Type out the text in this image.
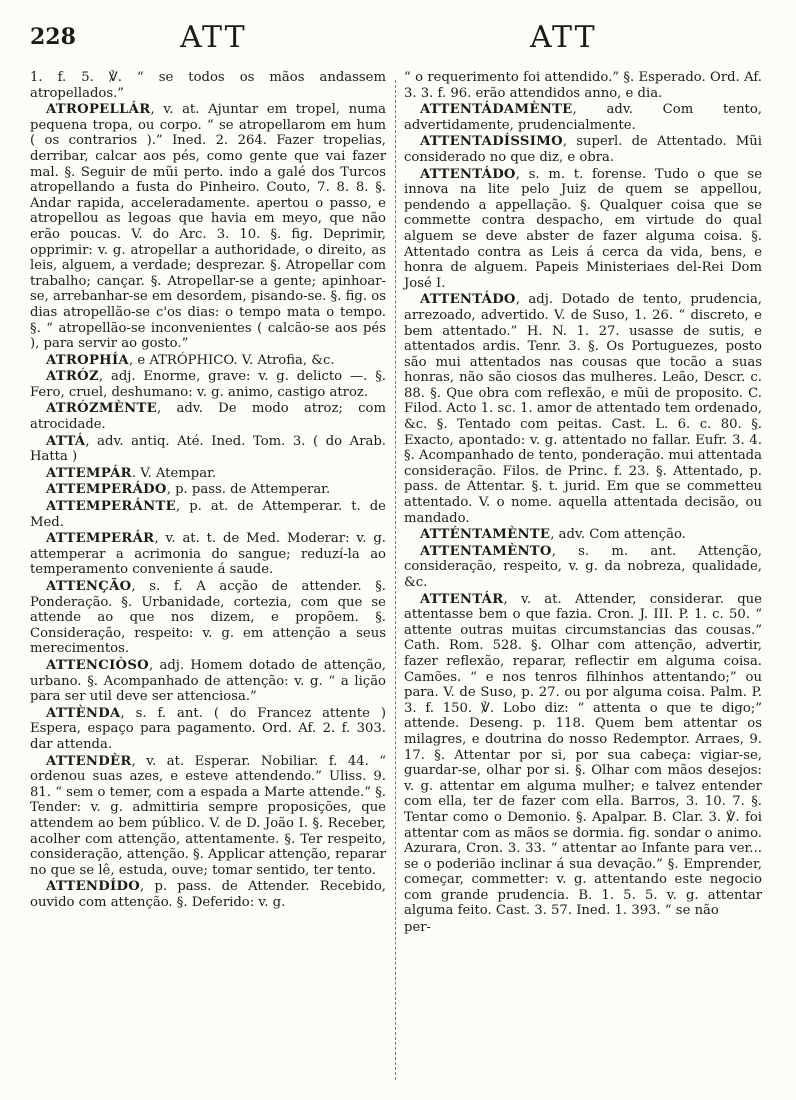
228	ATT	ATT

1. f. 5. ℣. “ se todos os mãos andassem atropellados.”

ATROPELLÁR, v. at. Ajuntar em tropel, numa pequena tropa, ou corpo. “ se atropellarom em hum ( os contrarios ).” Ined. 2. 264. Fazer tropelias, derribar, calcar aos pés, como gente que vai fazer mal. §. Seguir de mũi perto. indo a galé dos Turcos atropellando a fusta do Pinheiro. Couto, 7. 8. 8. §. Andar rapida, acceleradamente. apertou o passo, e atropellou as legoas que havia em meyo, que não erão poucas. V. do Arc. 3. 10. §. fig. Deprimir, opprimir: v. g. atropellar a authoridade, o direito, as leis, alguem, a verdade; desprezar. §. Atropellar com trabalho; cançar. §. Atropellar-se a gente; apinhoar-se, arrebanhar-se em desordem, pisando-se. §. fig. os dias atropellão-se c'os dias: o tempo mata o tempo. §. “ atropellão-se inconvenientes ( calcão-se aos pés ), para servir ao gosto.”

ATROPHÍA, e ATRÓPHICO. V. Atrofia, &c.

ATRÓZ, adj. Enorme, grave: v. g. delicto —. §. Fero, cruel, deshumano: v. g. animo, castigo atroz.

ATRÓZMÈNTE, adv. De modo atroz; com atrocidade.

ATTÁ, adv. antiq. Até. Ined. Tom. 3. ( do Arab. Hatta )

ATTEMPÁR. V. Atempar.

ATTEMPERÁDO, p. pass. de Attemperar.

ATTEMPERÁNTE, p. at. de Attemperar. t. de Med.

ATTEMPERÁR, v. at. t. de Med. Moderar: v. g. attemperar a acrimonia do sangue; reduzí-la ao temperamento conveniente á saude.

ATTENÇÃO, s. f. A acção de attender. §. Ponderação. §. Urbanidade, cortezia, com que se attende ao que nos dizem, e propõem. §. Consideração, respeito: v. g. em attenção a seus merecimentos.

ATTENCIÒSO, adj. Homem dotado de attenção, urbano. §. Acompanhado de attenção: v. g. “ a lição para ser util deve ser attenciosa.”

ATTÈNDA, s. f. ant. ( do Francez attente ) Espera, espaço para pagamento. Ord. Af. 2. f. 303. dar attenda.

ATTENDÈR, v. at. Esperar. Nobiliar. f. 44. “ ordenou suas azes, e esteve attendendo.” Uliss. 9. 81. “ sem o temer, com a espada a Marte attende.” §. Tender: v. g. admittiria sempre proposições, que attendem ao bem público. V. de D. João I. §. Receber, acolher com attenção, attentamente. §. Ter respeito, consideração, attenção. §. Applicar attenção, reparar no que se lê, estuda, ouve; tomar sentido, ter tento.

ATTENDÍDO, p. pass. de Attender. Recebido, ouvido com attenção. §. Deferido: v. g.

“ o requerimento foi attendido.” §. Esperado. Ord. Af. 3. 3. f. 96. erão attendidos anno, e dia.

ATTENTÁDAMÈNTE, adv. Com tento, advertidamente, prudencialmente.

ATTENTADÍSSIMO, superl. de Attentado. Mũi considerado no que diz, e obra.

ATTENTÁDO, s. m. t. forense. Tudo o que se innova na lite pelo Juiz de quem se appellou, pendendo a appellação. §. Qualquer coisa que se commette contra despacho, em virtude do qual alguem se deve abster de fazer alguma coisa. §. Attentado contra as Leis á cerca da vida, bens, e honra de alguem. Papeis Ministeriaes del-Rei Dom José I.

ATTENTÁDO, adj. Dotado de tento, prudencia, arrezoado, advertido. V. de Suso, 1. 26. “ discreto, e bem attentado.” H. N. 1. 27. usasse de sutis, e attentados ardis. Tenr. 3. §. Os Portuguezes, posto são mui attentados nas cousas que tocão a suas honras, não são ciosos das mulheres. Leão, Descr. c. 88. §. Que obra com reflexão, e mũi de proposito. C. Filod. Acto 1. sc. 1. amor de attentado tem ordenado, &c. §. Tentado com peitas. Cast. L. 6. c. 80. §. Exacto, apontado: v. g. attentado no fallar. Eufr. 3. 4. §. Acompanhado de tento, ponderação. mui attentada consideração. Filos. de Princ. f. 23. §. Attentado, p. pass. de Attentar. §. t. jurid. Em que se commetteu attentado. V. o nome. aquella attentada decisão, ou mandado.

ATTÉNTAMÈNTE, adv. Com attenção.

ATTENTAMÈNTO, s. m. ant. Attenção, consideração, respeito, v. g. da nobreza, qualidade, &c.

ATTENTÁR, v. at. Attender, considerar. que attentasse bem o que fazia. Cron. J. III. P. 1. c. 50. “ attente outras muitas circumstancias das cousas.” Cath. Rom. 528. §. Olhar com attenção, advertir, fazer reflexão, reparar, reflectir em alguma coisa. Camões. “ e nos tenros filhinhos attentando;” ou para. V. de Suso, p. 27. ou por alguma coisa. Palm. P. 3. f. 150. ℣. Lobo diz: “ attenta o que te digo;” attende. Deseng. p. 118. Quem bem attentar os milagres, e doutrina do nosso Redemptor. Arraes, 9. 17. §. Attentar por si, por sua cabeça: vigiar-se, guardar-se, olhar por si. §. Olhar com mãos desejos: v. g. attentar em alguma mulher; e talvez entender com ella, ter de fazer com ella. Barros, 3. 10. 7. §. Tentar como o Demonio. §. Apalpar. B. Clar. 3. ℣. foi attentar com as mãos se dormia. fig. sondar o animo. Azurara, Cron. 3. 33. “ attentar ao Infante para ver... se o poderião inclinar á sua devação.” §. Emprender, começar, commetter: v. g. attentando este negocio com grande prudencia. B. 1. 5. 5. v. g. attentar alguma feito. Cast. 3. 57. Ined. 1. 393. “ se não

per-
